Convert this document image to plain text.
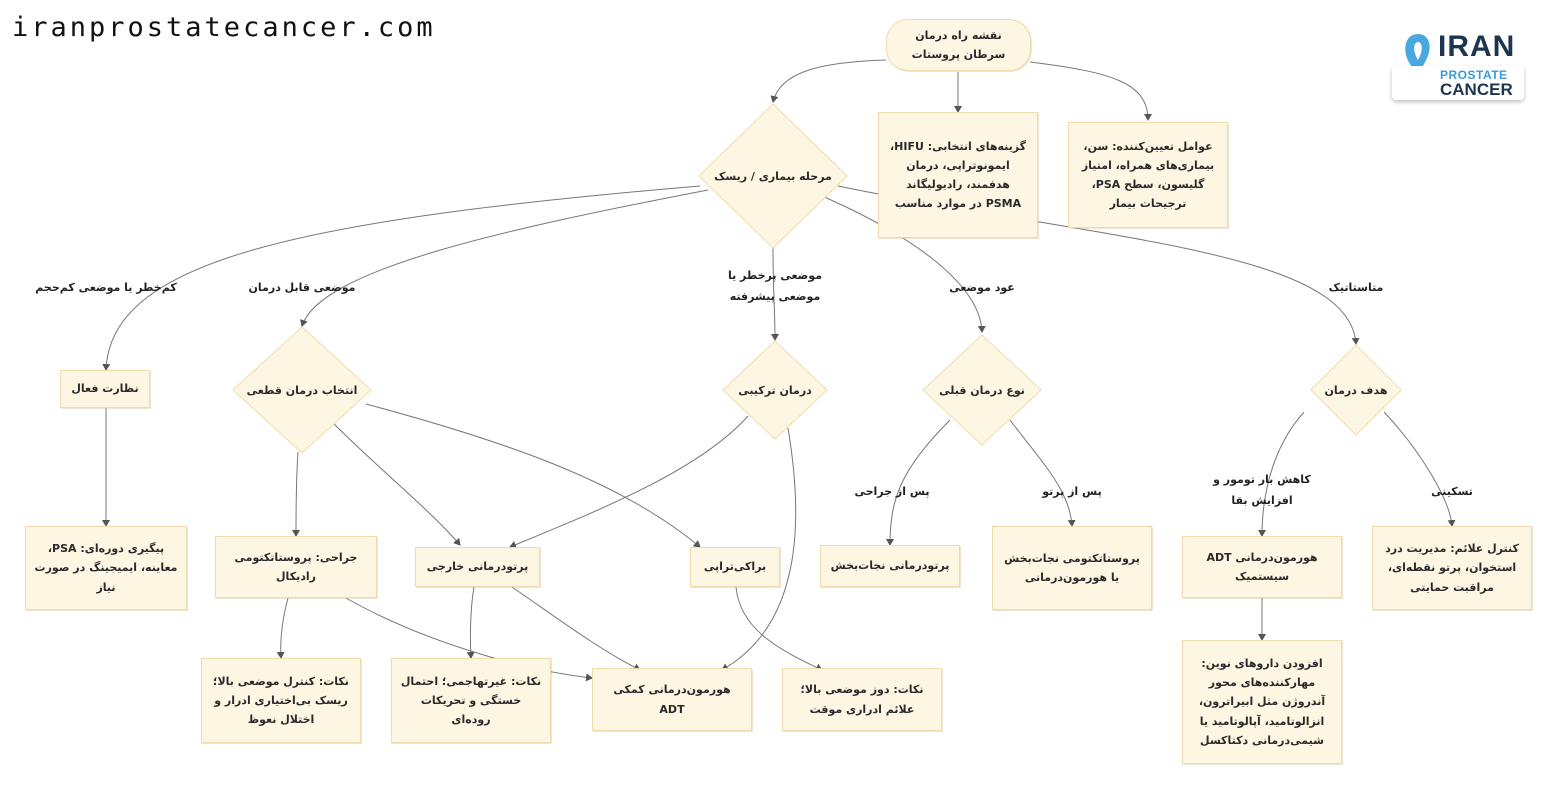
iranprostatecancer.com
IRAN
PROSTATE
CANCER
نقشه راه درمان سرطان پروستات
مرحله بیماری / ریسک
انتخاب درمان قطعی	درمان ترکیبی	نوع درمان قبلی	هدف درمان
گزینه‌های انتخابی: HIFU، ایمونوتراپی، درمان هدفمند، رادیولیگاند PSMA در موارد مناسب
عوامل تعیین‌کننده: سن، بیماری‌های همراه، امتیاز گلیسون، سطح PSA، ترجیحات بیمار
نظارت فعال
پیگیری دوره‌ای: PSA، معاینه، ایمیجینگ در صورت نیاز
جراحی: پروستاتکتومی رادیکال
پرتودرمانی خارجی	براکی‌تراپی	پرتودرمانی نجات‌بخش
پروستاتکتومی نجات‌بخش یا هورمون‌درمانی
هورمون‌درمانی ADT سیستمیک
کنترل علائم: مدیریت درد استخوان، پرتو نقطه‌ای، مراقبت حمایتی
نکات: کنترل موضعی بالا؛ ریسک بی‌اختیاری ادرار و اختلال نعوظ
نکات: غیرتهاجمی؛ احتمال خستگی و تحریکات روده‌ای
هورمون‌درمانی کمکی ADT
نکات: دوز موضعی بالا؛ علائم ادراری موقت
افزودن داروهای نوین: مهارکننده‌های محور آندروژن مثل ابیراترون، انزالوتامید، آپالوتامید یا شیمی‌درمانی دکتاکسل
کم‌خطر یا موضعی کم‌حجم	موضعی قابل درمان
موضعی پرخطر یا موضعی پیشرفته
عود موضعی	متاستاتیک
پس از جراحی	پس از پرتو
کاهش بار تومور و افزایش بقا
تسکینی
